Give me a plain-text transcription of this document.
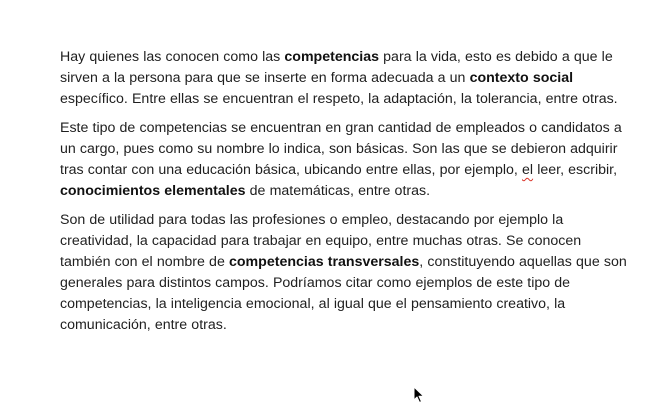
Hay quienes las conocen como las competencias para la vida, esto es debido a que le sirven a la persona para que se inserte en forma adecuada a un contexto social específico. Entre ellas se encuentran el respeto, la adaptación, la tolerancia, entre otras.

Este tipo de competencias se encuentran en gran cantidad de empleados o candidatos a un cargo, pues como su nombre lo indica, son básicas. Son las que se debieron adquirir tras contar con una educación básica, ubicando entre ellas, por ejemplo, el leer, escribir, conocimientos elementales de matemáticas, entre otras.

Son de utilidad para todas las profesiones o empleo, destacando por ejemplo la creatividad, la capacidad para trabajar en equipo, entre muchas otras. Se conocen también con el nombre de competencias transversales, constituyendo aquellas que son generales para distintos campos. Podríamos citar como ejemplos de este tipo de competencias, la inteligencia emocional, al igual que el pensamiento creativo, la comunicación, entre otras.
